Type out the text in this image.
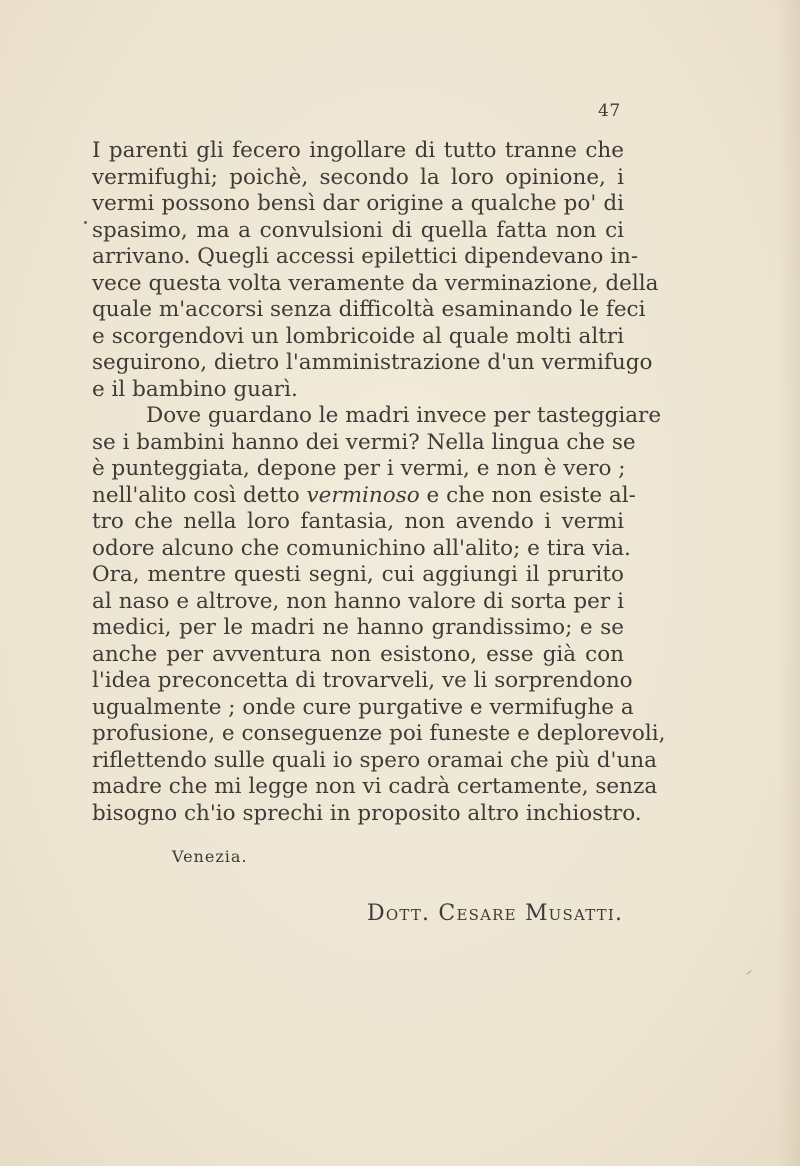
47
I parenti gli fecero ingollare di tutto tranne che
vermifughi; poichè, secondo la loro opinione, i
vermi possono bensì dar origine a qualche po' di
spasimo, ma a convulsioni di quella fatta non ci
arrivano. Quegli accessi epilettici dipendevano in-
vece questa volta veramente da verminazione, della
quale m'accorsi senza difficoltà esaminando le feci
e scorgendovi un lombricoide al quale molti altri
seguirono, dietro l'amministrazione d'un vermifugo
e il bambino guarì.
Dove guardano le madri invece per tasteggiare
se i bambini hanno dei vermi? Nella lingua che se
è punteggiata, depone per i vermi, e non è vero ;
nell'alito così detto verminoso e che non esiste al-
tro che nella loro fantasia, non avendo i vermi
odore alcuno che comunichino all'alito; e tira via.
Ora, mentre questi segni, cui aggiungi il prurito
al naso e altrove, non hanno valore di sorta per i
medici, per le madri ne hanno grandissimo; e se
anche per avventura non esistono, esse già con
l'idea preconcetta di trovarveli, ve li sorprendono
ugualmente ; onde cure purgative e vermifughe a
profusione, e conseguenze poi funeste e deplorevoli,
riflettendo sulle quali io spero oramai che più d'una
madre che mi legge non vi cadrà certamente, senza
bisogno ch'io sprechi in proposito altro inchiostro.
Venezia.
Dott. Cesare Musatti.
